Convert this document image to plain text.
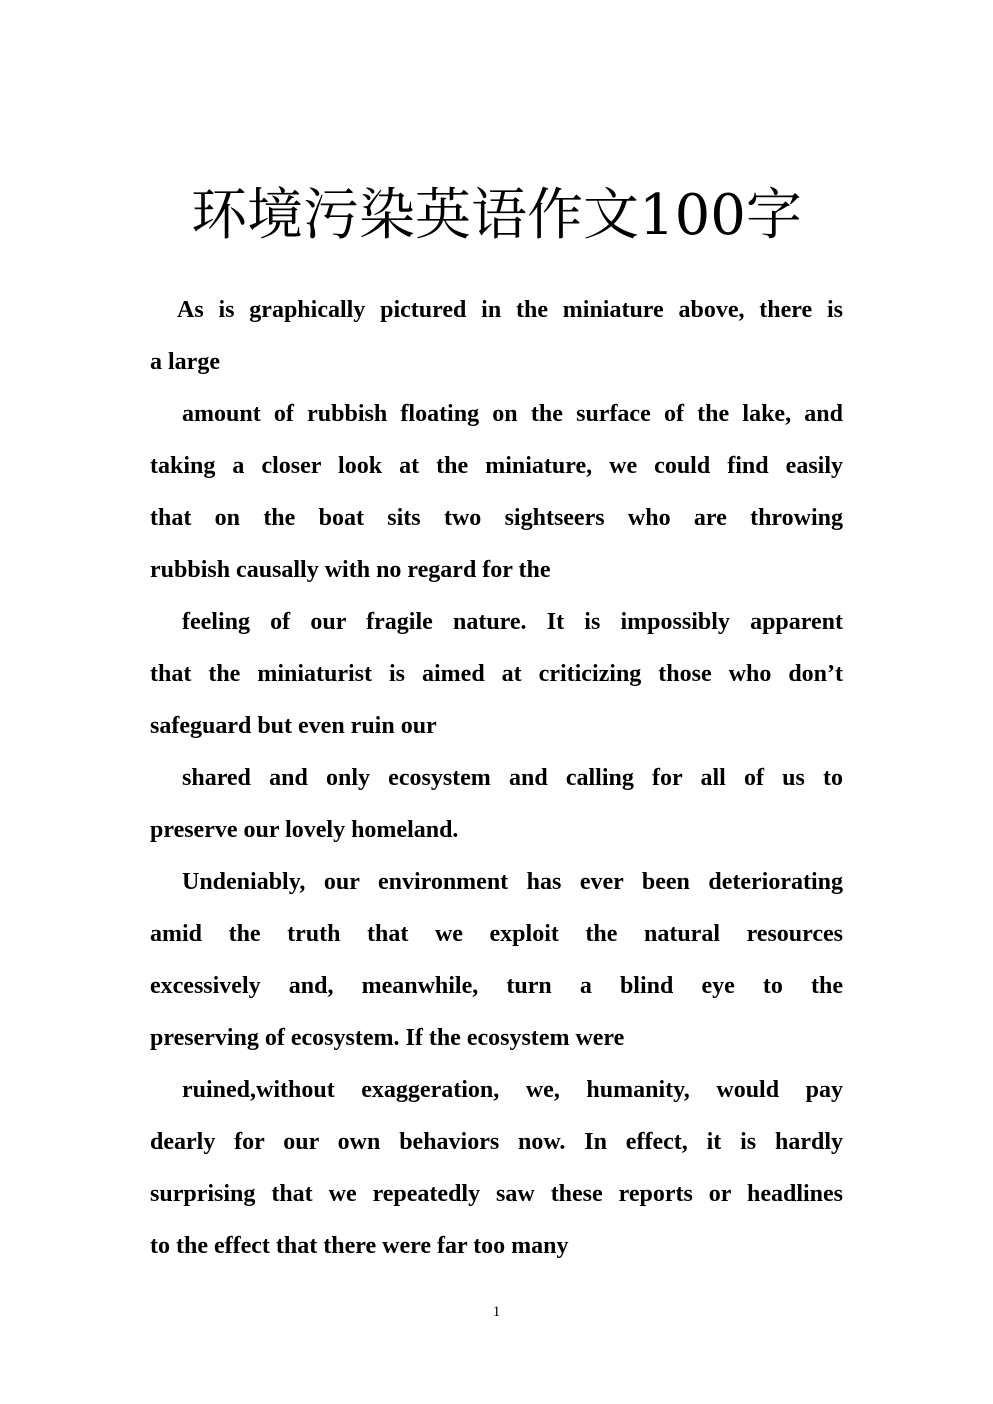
环境污染英语作文100字
As is graphically pictured in the miniature above, there is
a large
amount of rubbish floating on the surface of the lake, and
taking a closer look at the miniature, we could find easily
that on the boat sits two sightseers who are throwing
rubbish causally with no regard for the
feeling of our fragile nature. It is impossibly apparent
that the miniaturist is aimed at criticizing those who don’t
safeguard but even ruin our
shared and only ecosystem and calling for all of us to
preserve our lovely homeland.
Undeniably, our environment has ever been deteriorating
amid the truth that we exploit the natural resources
excessively and, meanwhile, turn a blind eye to the
preserving of ecosystem. If the ecosystem were
ruined,without exaggeration, we, humanity, would pay
dearly for our own behaviors now. In effect, it is hardly
surprising that we repeatedly saw these reports or headlines
to the effect that there were far too many
1
